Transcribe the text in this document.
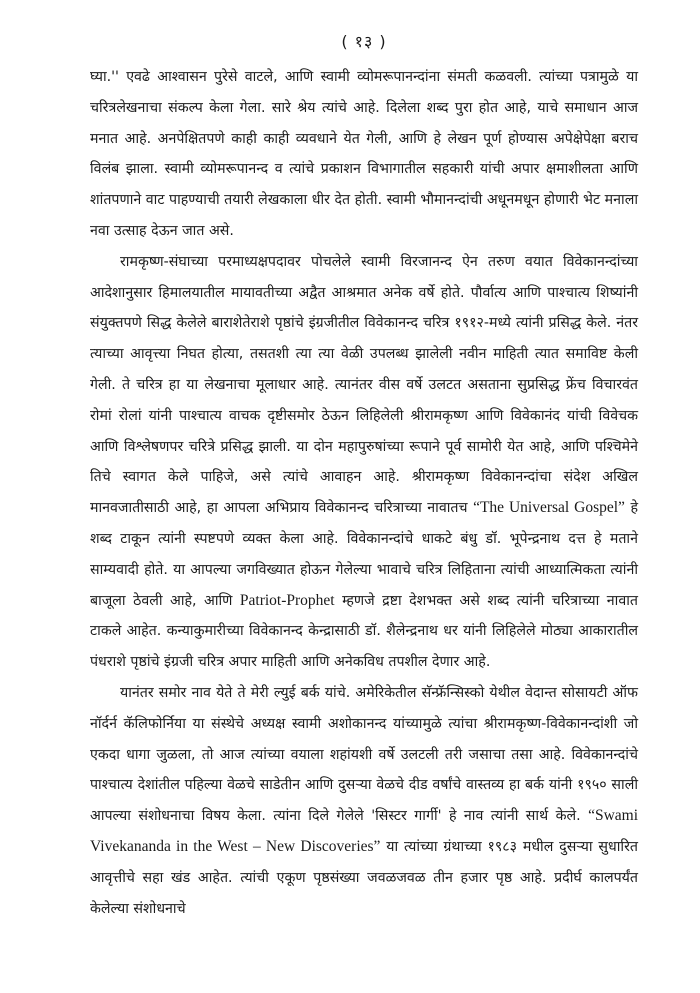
( १३ )

घ्या.'' एवढे आश्वासन पुरेसे वाटले, आणि स्वामी व्योमरूपानन्दांना संमती कळवली. त्यांच्या पत्रामुळे या चरित्रलेखनाचा संकल्प केला गेला. सारे श्रेय त्यांचे आहे. दिलेला शब्द पुरा होत आहे, याचे समाधान आज मनात आहे. अनपेक्षितपणे काही काही व्यवधाने येत गेली, आणि हे लेखन पूर्ण होण्यास अपेक्षेपेक्षा बराच विलंब झाला. स्वामी व्योमरूपानन्द व त्यांचे प्रकाशन विभागातील सहकारी यांची अपार क्षमाशीलता आणि शांतपणाने वाट पाहण्याची तयारी लेखकाला धीर देत होती. स्वामी भौमानन्दांची अधूनमधून होणारी भेट मनाला नवा उत्साह देऊन जात असे.

रामकृष्ण-संघाच्या परमाध्यक्षपदावर पोचलेले स्वामी विरजानन्द ऐन तरुण वयात विवेकानन्दांच्या आदेशानुसार हिमालयातील मायावतीच्या अद्वैत आश्रमात अनेक वर्षे होते. पौर्वात्य आणि पाश्चात्य शिष्यांनी संयुक्तपणे सिद्ध केलेले बाराशेतेराशे पृष्ठांचे इंग्रजीतील विवेकानन्द चरित्र १९१२-मध्ये त्यांनी प्रसिद्ध केले. नंतर त्याच्या आवृत्त्या निघत होत्या, तसतशी त्या त्या वेळी उपलब्ध झालेली नवीन माहिती त्यात समाविष्ट केली गेली. ते चरित्र हा या लेखनाचा मूलाधार आहे. त्यानंतर वीस वर्षे उलटत असताना सुप्रसिद्ध फ्रेंच विचारवंत रोमां रोलां यांनी पाश्चात्य वाचक दृष्टीसमोर ठेऊन लिहिलेली श्रीरामकृष्ण आणि विवेकानंद यांची विवेचक आणि विश्लेषणपर चरित्रे प्रसिद्ध झाली. या दोन महापुरुषांच्या रूपाने पूर्व सामोरी येत आहे, आणि पश्चिमेने तिचे स्वागत केले पाहिजे, असे त्यांचे आवाहन आहे. श्रीरामकृष्ण विवेकानन्दांचा संदेश अखिल मानवजातीसाठी आहे, हा आपला अभिप्राय विवेकानन्द चरित्राच्या नावातच “The Universal Gospel” हे शब्द टाकून त्यांनी स्पष्टपणे व्यक्त केला आहे. विवेकानन्दांचे धाकटे बंधु डॉ. भूपेन्द्रनाथ दत्त हे मताने साम्यवादी होते. या आपल्या जगविख्यात होऊन गेलेल्या भावाचे चरित्र लिहिताना त्यांची आध्यात्मिकता त्यांनी बाजूला ठेवली आहे, आणि Patriot-Prophet म्हणजे द्रष्टा देशभक्त असे शब्द त्यांनी चरित्राच्या नावात टाकले आहेत. कन्याकुमारीच्या विवेकानन्द केन्द्रासाठी डॉ. शैलेन्द्रनाथ धर यांनी लिहिलेले मोठ्या आकारातील पंधराशे पृष्ठांचे इंग्रजी चरित्र अपार माहिती आणि अनेकविध तपशील देणार आहे.

यानंतर समोर नाव येते ते मेरी ल्युई बर्क यांचे. अमेरिकेतील सॅन्फ्रॅन्सिस्को येथील वेदान्त सोसायटी ऑफ नॉर्दर्न कॅलिफोर्निया या संस्थेचे अध्यक्ष स्वामी अशोकानन्द यांच्यामुळे त्यांचा श्रीरामकृष्ण-विवेकानन्दांशी जो एकदा धागा जुळला, तो आज त्यांच्या वयाला शहांयशी वर्षे उलटली तरी जसाचा तसा आहे. विवेकानन्दांचे पाश्चात्य देशांतील पहिल्या वेळचे साडेतीन आणि दुसऱ्या वेळचे दीड वर्षांचे वास्तव्य हा बर्क यांनी १९५० साली आपल्या संशोधनाचा विषय केला. त्यांना दिले गेलेले 'सिस्टर गार्गी' हे नाव त्यांनी सार्थ केले. “Swami Vivekananda in the West – New Discoveries” या त्यांच्या ग्रंथाच्या १९८३ मधील दुसऱ्या सुधारित आवृत्तीचे सहा खंड आहेत. त्यांची एकूण पृष्ठसंख्या जवळजवळ तीन हजार पृष्ठ आहे. प्रदीर्घ कालपर्यंत केलेल्या संशोधनाचे
